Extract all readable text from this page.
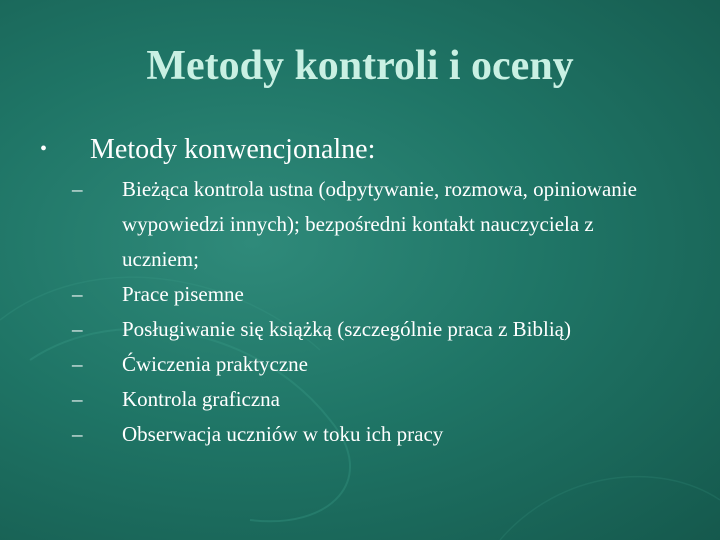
Metody kontroli i oceny
• Metody konwencjonalne:
– Bieżąca kontrola ustna (odpytywanie, rozmowa, opiniowanie wypowiedzi innych); bezpośredni kontakt nauczyciela z uczniem;
– Prace pisemne
– Posługiwanie się książką (szczególnie praca z Biblią)
– Ćwiczenia praktyczne
– Kontrola graficzna
– Obserwacja uczniów w toku ich pracy
